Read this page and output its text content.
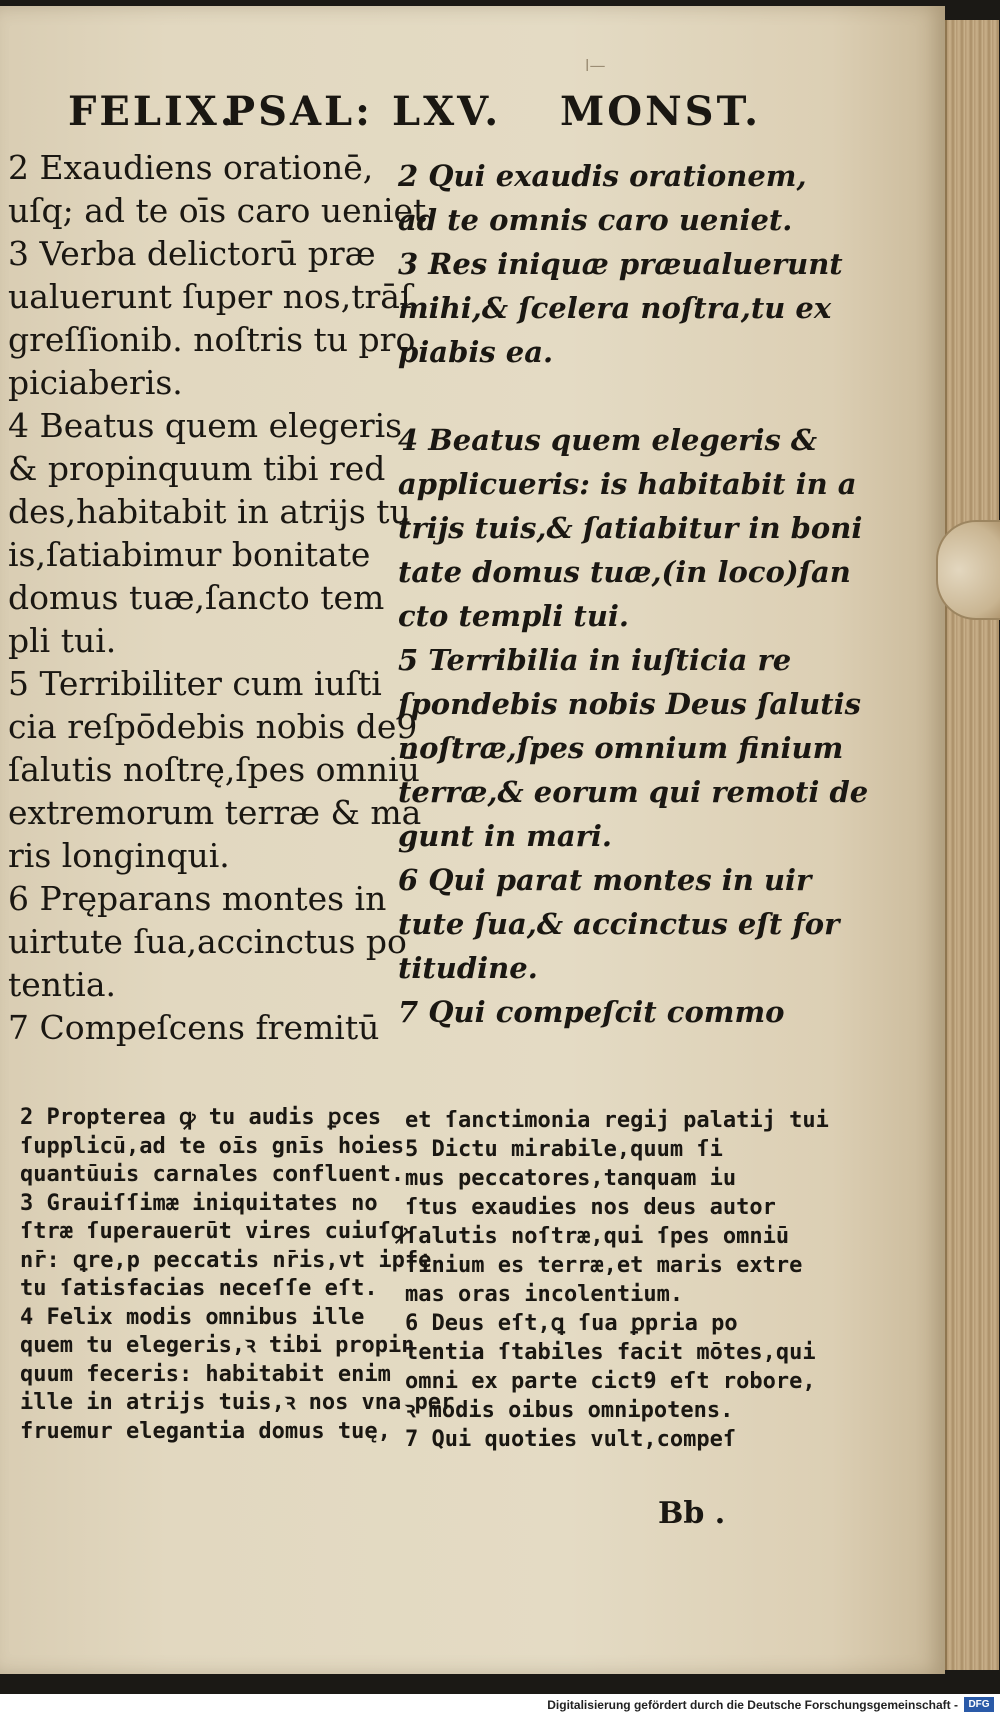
l—
FELIX.
PSAL: LXV. MONST.
2 Exaudiens orationē,
uſq; ad te oīs caro ueniet.
3 Verba delictorū præ
ualuerunt ſuper nos,trāſ
greſſionib. noſtris tu pro
piciaberis.
4 Beatus quem elegeris
& propinquum tibi red
des,habitabit in atrijs tu
is,ſatiabimur bonitate
domus tuæ,ſancto tem
pli tui.
5 Terribiliter cum iuſti
cia reſpōdebis nobis de9
ſalutis noſtrę,ſpes omniū
extremorum terræ & ma
ris longinqui.
6 Pręparans montes in
uirtute ſua,accinctus po
tentia.
7 Compeſcens fremitū
2 Qui exaudis orationem,
ad te omnis caro ueniet.
3 Res iniquæ præualuerunt
mihi,& ſcelera noſtra,tu ex
piabis ea.
4 Beatus quem elegeris &
applicueris: is habitabit in a
trijs tuis,& ſatiabitur in boni
tate domus tuæ,(in loco)ſan
cto templi tui.
5 Terribilia in iuſticia re
ſpondebis nobis Deus ſalutis
noſtræ,ſpes omnium finium
terræ,& eorum qui remoti de
gunt in mari.
6 Qui parat montes in uir
tute ſua,& accinctus eſt for
titudine.
7 Qui compeſcit commo
2 Propterea ꝙ tu audis ꝑces
ſupplicū,ad te oīs gnīs hoies
quantūuis carnales confluent.
3 Grauiſſimæ iniquitates no
ſtræ ſuperauerūt vires cuiuſꝙ
nr̄: ꝗre,p peccatis nr̄is,vt ipſe
tu ſatisfacias neceſſe eſt.
4 Felix modis omnibus ille
quem tu elegeris,ꝛ tibi propin
quum feceris: habitabit enim
ille in atrijs tuis,ꝛ nos vna per
fruemur elegantia domus tuę,
et ſanctimonia regij palatij tui
5 Dictu mirabile,quum ſi
mus peccatores,tanquam iu
ſtus exaudies nos deus autor
ſalutis noſtræ,qui ſpes omniū
finium es terræ,et maris extre
mas oras incolentium.
6 Deus eſt,ꝗ ſua ꝑpria po
tentia ſtabiles facit mōtes,qui
omni ex parte cict9 eſt robore,
ꝛ modis oibus omnipotens.
7 Qui quoties vult,compeſ
Bb .
Digitalisierung gefördert durch die Deutsche Forschungsgemeinschaft -	DFG
